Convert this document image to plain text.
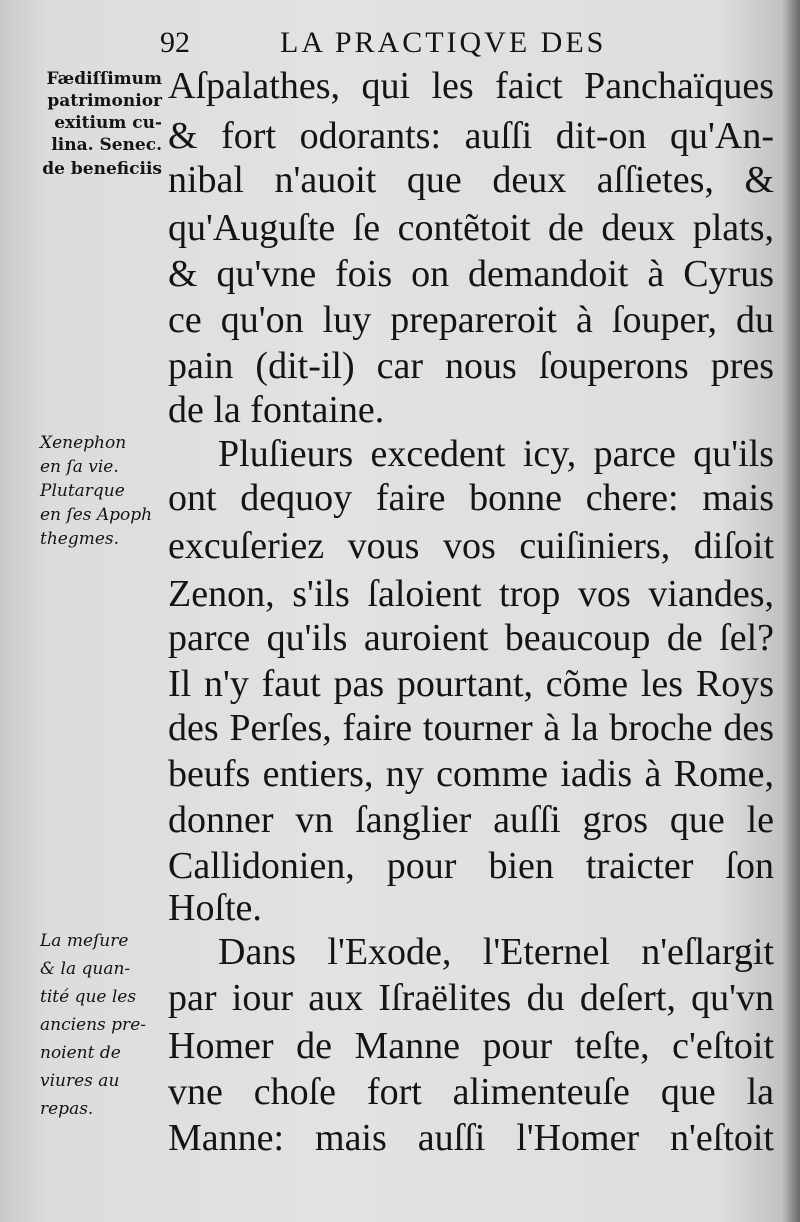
92	LA PRACTIQVE DES
Fædiſſimum
patrimonior
exitium cu-
lina. Senec.
de beneficiis
Xenephon
en ſa vie.
Plutarque
en ſes Apoph
thegmes.
La meſure
& la quan-
tité que les
anciens pre-
noient de
viures au
repas.
Aſpalathes, qui les faict Panchaïques
& fort odorants: auſſi dit-on qu'An-
nibal n'auoit que deux aſſietes, &
qu'Auguſte ſe contẽtoit de deux plats,
& qu'vne fois on demandoit à Cyrus
ce qu'on luy prepareroit à ſouper, du
pain (dit-il) car nous ſouperons pres
de la fontaine.
Pluſieurs excedent icy, parce qu'ils
ont dequoy faire bonne chere: mais
excuſeriez vous vos cuiſiniers, diſoit
Zenon, s'ils ſaloient trop vos viandes,
parce qu'ils auroient beaucoup de ſel?
Il n'y faut pas pourtant, cõme les Roys
des Perſes, faire tourner à la broche des
beufs entiers, ny comme iadis à Rome,
donner vn ſanglier auſſi gros que le
Callidonien, pour bien traicter ſon
Hoſte.
Dans l'Exode, l'Eternel n'eſlargit
par iour aux Iſraëlites du deſert, qu'vn
Homer de Manne pour teſte, c'eſtoit
vne choſe fort alimenteuſe que la
Manne: mais auſſi l'Homer n'eſtoit
